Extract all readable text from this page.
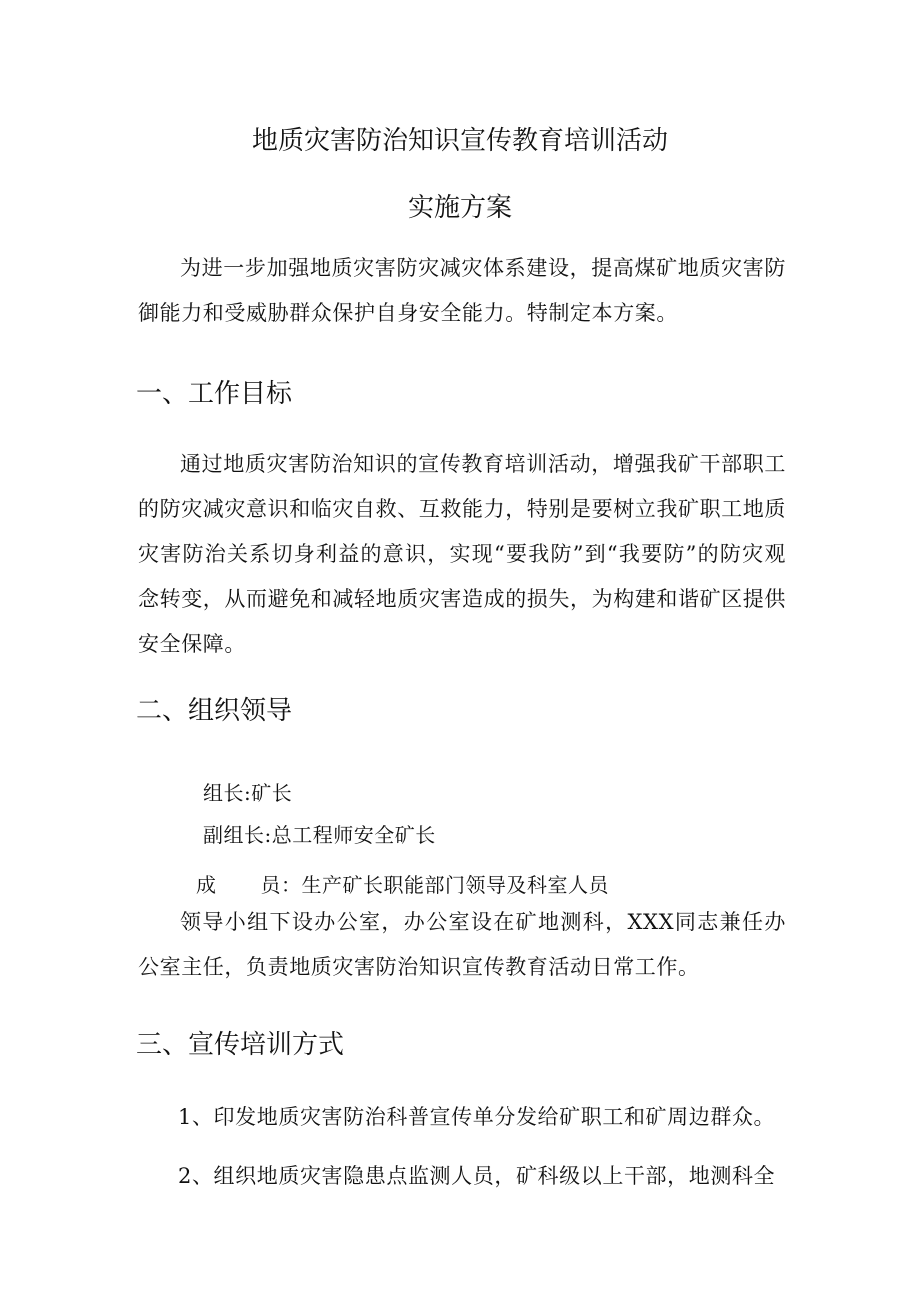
地质灾害防治知识宣传教育培训活动
实施方案
为进一步加强地质灾害防灾减灾体系建设，提高煤矿地质灾害防御能力和受威胁群众保护自身安全能力。特制定本方案。
一、工作目标
通过地质灾害防治知识的宣传教育培训活动，增强我矿干部职工的防灾减灾意识和临灾自救、互救能力，特别是要树立我矿职工地质灾害防治关系切身利益的意识，实现“要我防”到“我要防”的防灾观念转变，从而避免和减轻地质灾害造成的损失，为构建和谐矿区提供安全保障。
二、组织领导
组长:矿长
副组长:总工程师安全矿长
成 员：生产矿长职能部门领导及科室人员
领导小组下设办公室，办公室设在矿地测科，XXX同志兼任办公室主任，负责地质灾害防治知识宣传教育活动日常工作。
三、宣传培训方式
1、印发地质灾害防治科普宣传单分发给矿职工和矿周边群众。
2、组织地质灾害隐患点监测人员，矿科级以上干部，地测科全
